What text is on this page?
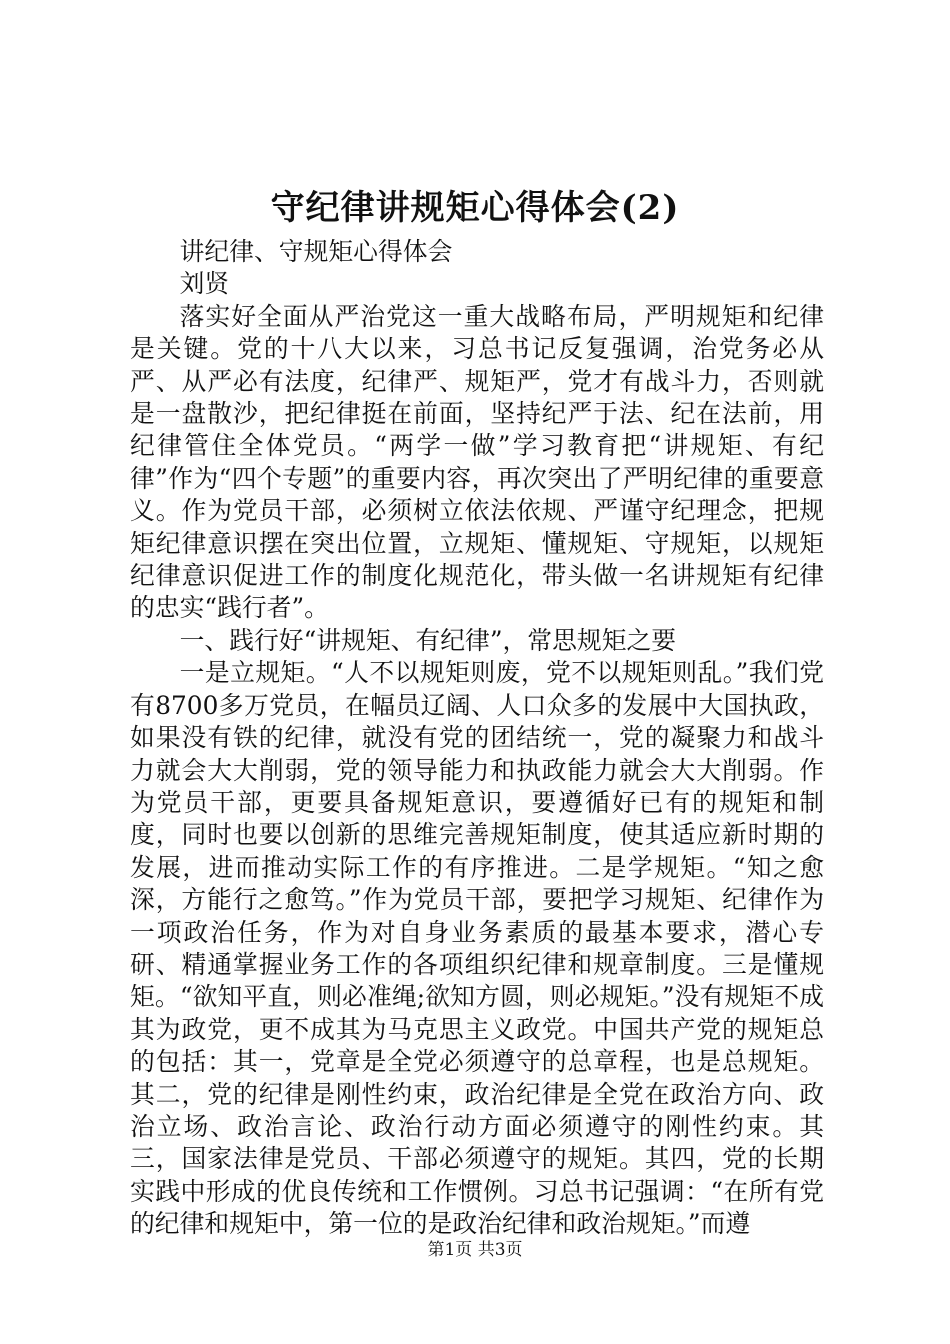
守纪律讲规矩心得体会(2)

讲纪律、守规矩心得体会

刘贤

落实好全面从严治党这一重大战略布局，严明规矩和纪律是关键。党的十八大以来，习总书记反复强调，治党务必从严、从严必有法度，纪律严、规矩严，党才有战斗力，否则就是一盘散沙，把纪律挺在前面，坚持纪严于法、纪在法前，用纪律管住全体党员。“两学一做”学习教育把“讲规矩、有纪律”作为“四个专题”的重要内容，再次突出了严明纪律的重要意义。作为党员干部，必须树立依法依规、严谨守纪理念，把规矩纪律意识摆在突出位置，立规矩、懂规矩、守规矩，以规矩纪律意识促进工作的制度化规范化，带头做一名讲规矩有纪律的忠实“践行者”。

一、践行好“讲规矩、有纪律”，常思规矩之要

一是立规矩。“人不以规矩则废，党不以规矩则乱。”我们党有8700多万党员，在幅员辽阔、人口众多的发展中大国执政，如果没有铁的纪律，就没有党的团结统一，党的凝聚力和战斗力就会大大削弱，党的领导能力和执政能力就会大大削弱。作为党员干部，更要具备规矩意识，要遵循好已有的规矩和制度，同时也要以创新的思维完善规矩制度，使其适应新时期的发展，进而推动实际工作的有序推进。二是学规矩。“知之愈深，方能行之愈笃。”作为党员干部，要把学习规矩、纪律作为一项政治任务，作为对自身业务素质的最基本要求，潜心专研、精通掌握业务工作的各项组织纪律和规章制度。三是懂规矩。“欲知平直，则必准绳;欲知方圆，则必规矩。”没有规矩不成其为政党，更不成其为马克思主义政党。中国共产党的规矩总的包括：其一，党章是全党必须遵守的总章程，也是总规矩。其二，党的纪律是刚性约束，政治纪律是全党在政治方向、政治立场、政治言论、政治行动方面必须遵守的刚性约束。其三，国家法律是党员、干部必须遵守的规矩。其四，党的长期实践中形成的优良传统和工作惯例。习总书记强调：“在所有党的纪律和规矩中，第一位的是政治纪律和政治规矩。”而遵

第1页 共3页
